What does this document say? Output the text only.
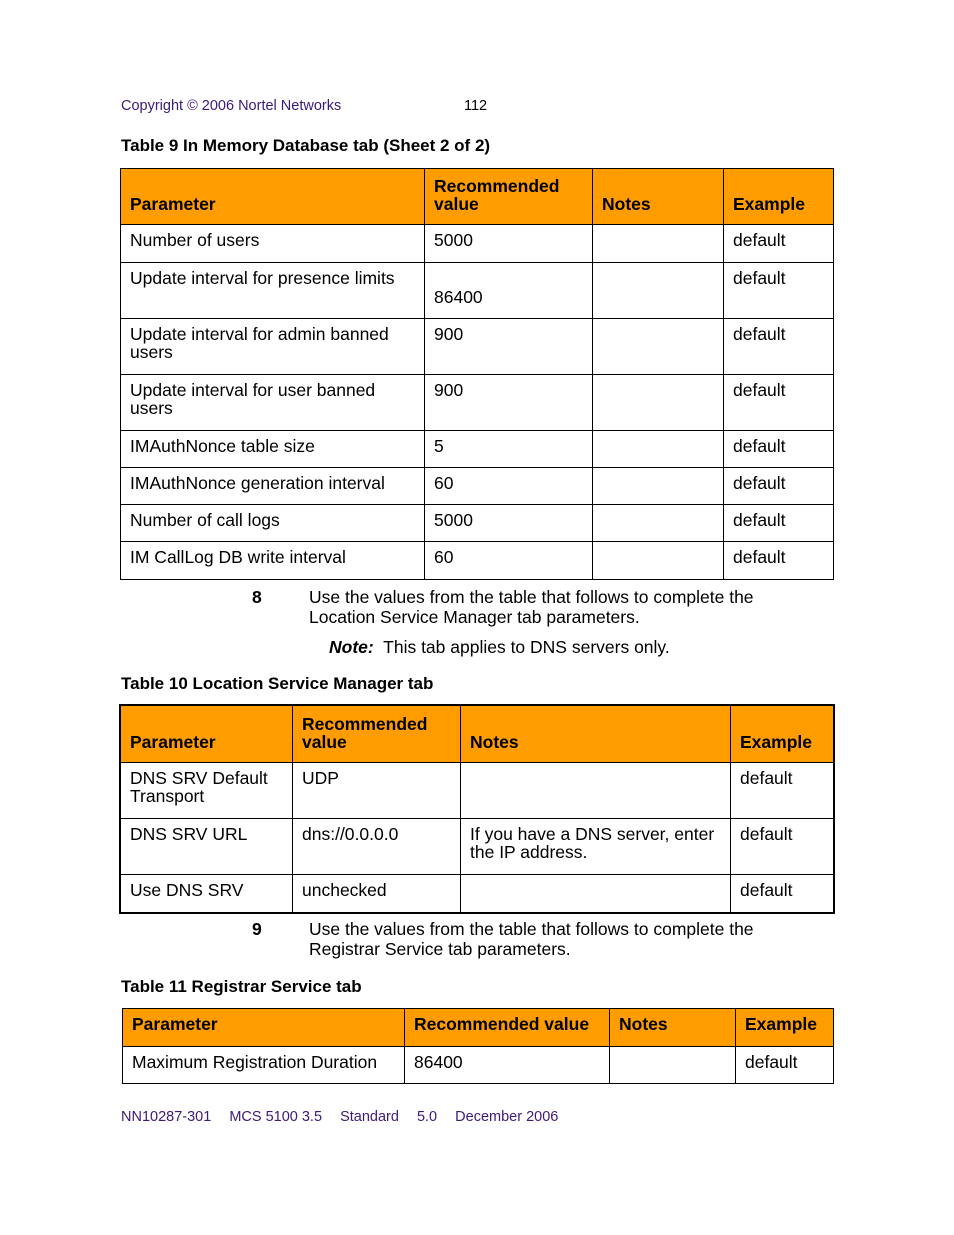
Copyright © 2006 Nortel Networks	112
Table 9 In Memory Database tab (Sheet 2 of 2)
Parameter	Recommended value	Notes	Example
Number of users	5000		default
Update interval for presence limits	86400		default
Update interval for admin banned users	900		default
Update interval for user banned users	900		default
IMAuthNonce table size	5		default
IMAuthNonce generation interval	60		default
Number of call logs	5000		default
IM CallLog DB write interval	60		default
8	Use the values from the table that follows to complete the Location Service Manager tab parameters.
Note: This tab applies to DNS servers only.
Table 10 Location Service Manager tab
Parameter	Recommended value	Notes	Example
DNS SRV Default Transport	UDP		default
DNS SRV URL	dns://0.0.0.0	If you have a DNS server, enter the IP address.	default
Use DNS SRV	unchecked		default
9	Use the values from the table that follows to complete the Registrar Service tab parameters.
Table 11 Registrar Service tab
Parameter	Recommended value	Notes	Example
Maximum Registration Duration	86400		default
NN10287-301 MCS 5100 3.5 Standard 5.0 December 2006
